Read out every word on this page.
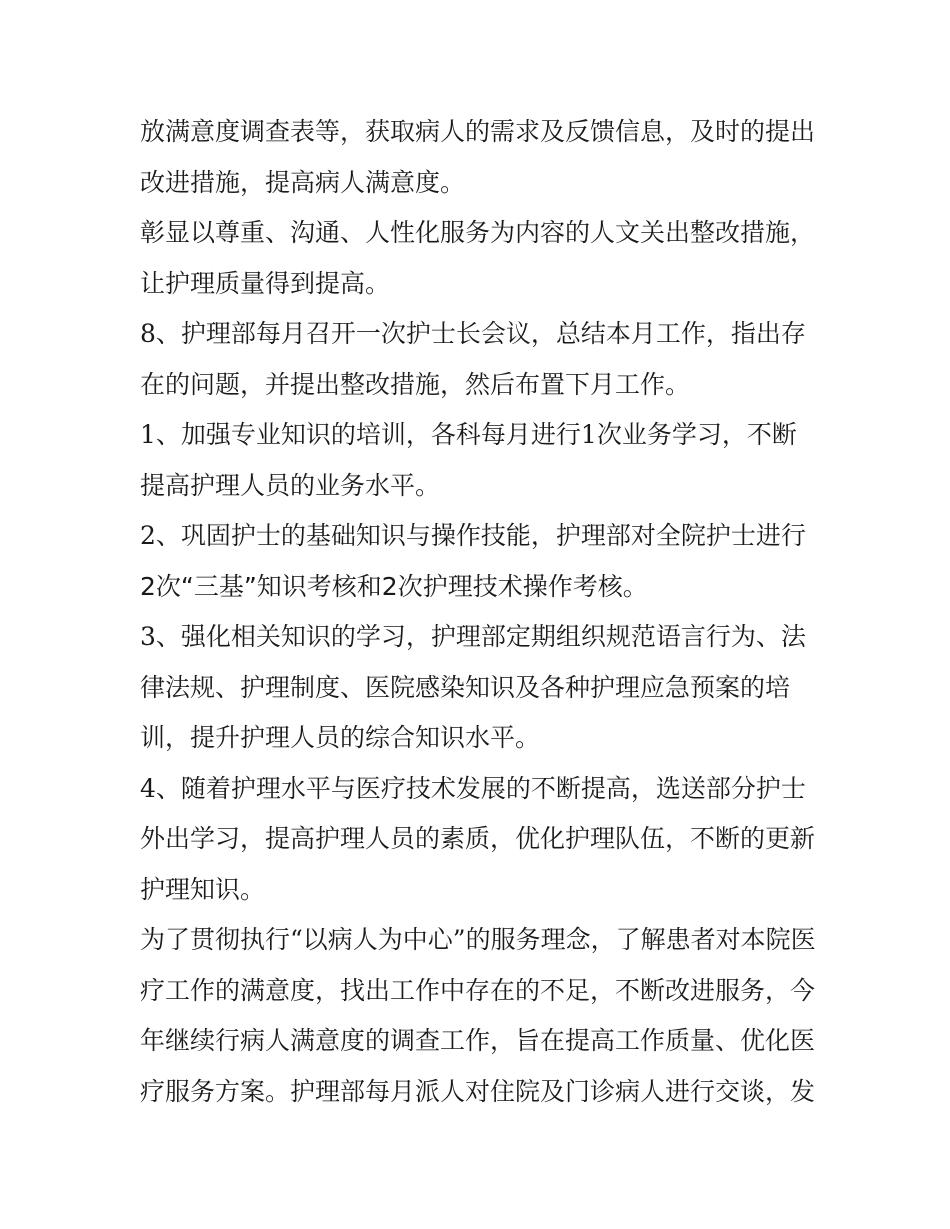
放满意度调查表等，获取病人的需求及反馈信息，及时的提出
改进措施，提高病人满意度。
彰显以尊重、沟通、人性化服务为内容的人文关出整改措施，
让护理质量得到提高。
8、护理部每月召开一次护士长会议，总结本月工作，指出存
在的问题，并提出整改措施，然后布置下月工作。
1、加强专业知识的培训，各科每月进行1次业务学习，不断
提高护理人员的业务水平。
2、巩固护士的基础知识与操作技能，护理部对全院护士进行
2次“三基”知识考核和2次护理技术操作考核。
3、强化相关知识的学习，护理部定期组织规范语言行为、法
律法规、护理制度、医院感染知识及各种护理应急预案的培
训，提升护理人员的综合知识水平。
4、随着护理水平与医疗技术发展的不断提高，选送部分护士
外出学习，提高护理人员的素质，优化护理队伍，不断的更新
护理知识。
为了贯彻执行“以病人为中心”的服务理念，了解患者对本院医
疗工作的满意度，找出工作中存在的不足，不断改进服务，今
年继续行病人满意度的调查工作，旨在提高工作质量、优化医
疗服务方案。护理部每月派人对住院及门诊病人进行交谈，发
